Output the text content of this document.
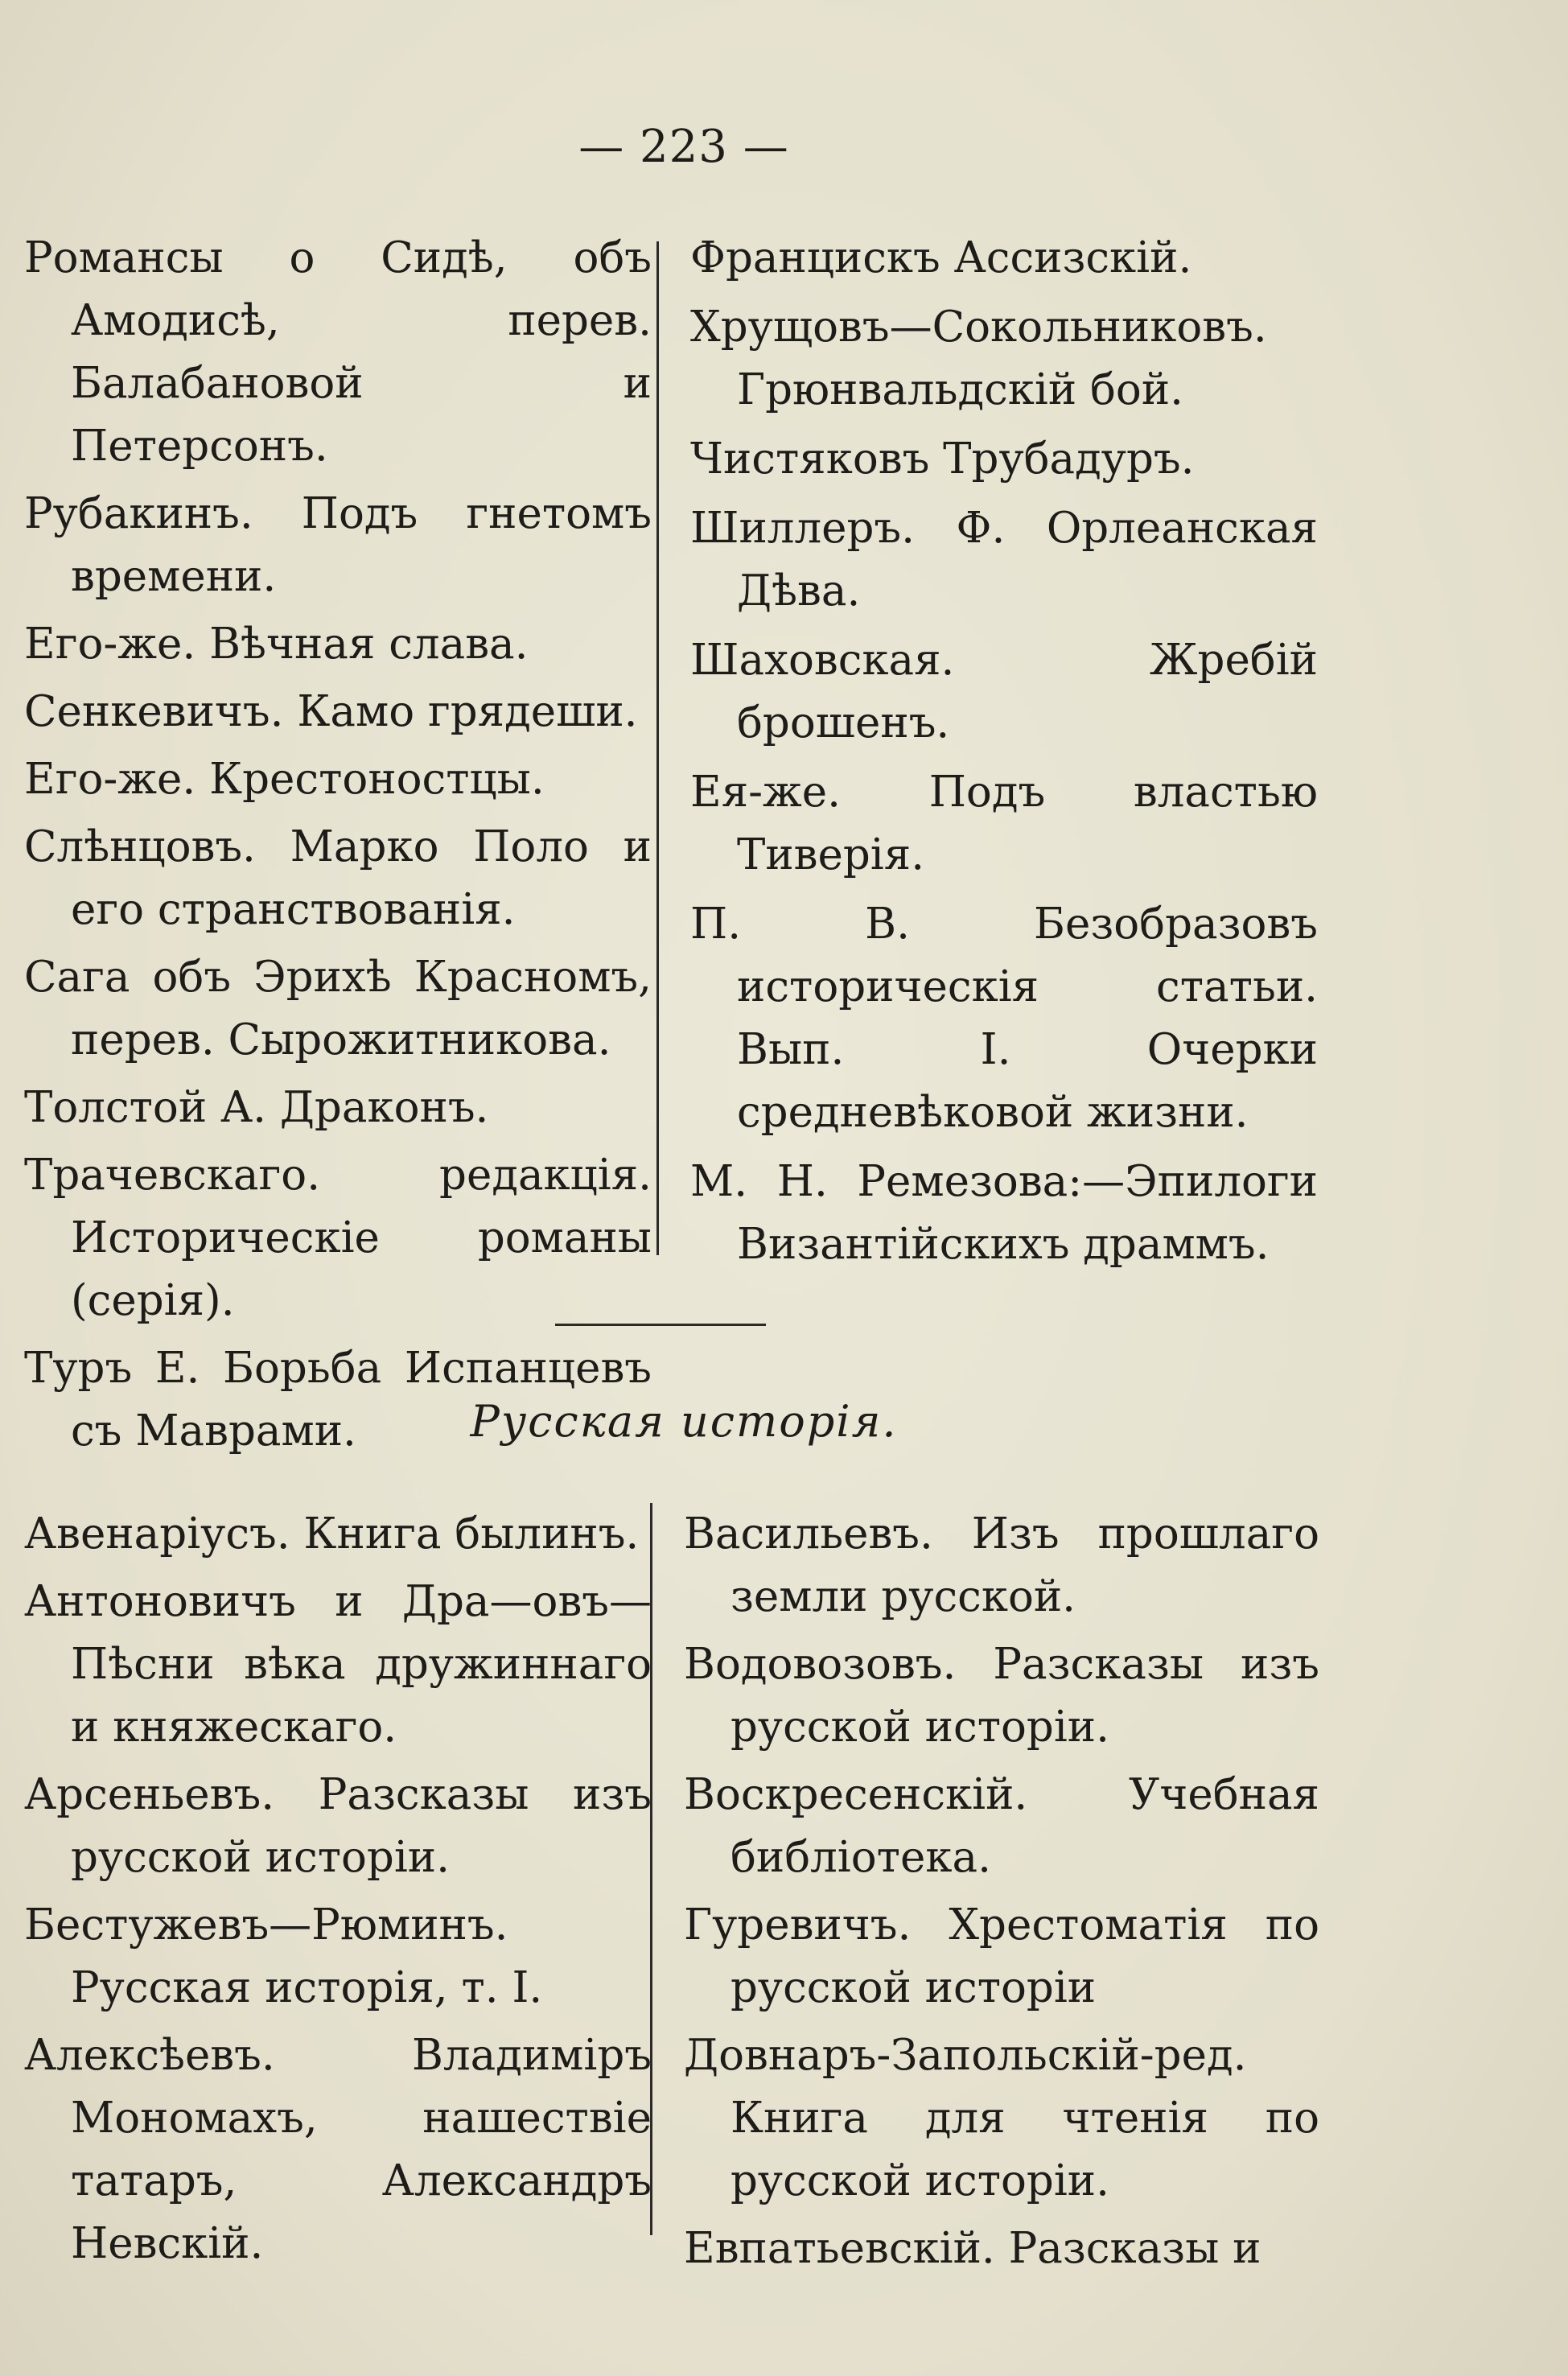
— 223 —

Романсы о Сидѣ, объ Амодисѣ, перев. Балабановой и Петерсонъ.

Рубакинъ. Подъ гнетомъ времени.

Его-же. Вѣчная слава.

Сенкевичъ. Камо грядеши.

Его-же. Крестоностцы.

Слѣнцовъ. Марко Поло и его странствованія.

Сага объ Эрихѣ Красномъ, перев. Сырожитникова.

Толстой А. Драконъ.

Трачевскаго. редакція. Историческіе романы (серія).

Туръ Е. Борьба Испанцевъ съ Маврами.

Францискъ Ассизскій.

Хрущовъ—Сокольниковъ. Грюнвальдскій бой.

Чистяковъ Трубадуръ.

Шиллеръ. Ф. Орлеанская Дѣва.

Шаховская. Жребій брошенъ.

Ея-же. Подъ властью Тиверія.

П. В. Безобразовъ историческія статьи. Вып. I. Очерки средневѣковой жизни.

М. Н. Ремезова:—Эпилоги Византійскихъ драммъ.

Русская исторія.

Авенаріусъ. Книга былинъ.

Антоновичъ и Дра—овъ— Пѣсни вѣка дружиннаго и княжескаго.

Арсеньевъ. Разсказы изъ русской исторіи.

Бестужевъ—Рюминъ. Русская исторія, т. I.

Алексѣевъ. Владиміръ Мономахъ, нашествіе татаръ, Александръ Невскій.

Васильевъ. Изъ прошлаго земли русской.

Водовозовъ. Разсказы изъ русской исторіи.

Воскресенскій. Учебная библіотека.

Гуревичъ. Хрестоматія по русской исторіи

Довнаръ-Запольскій-ред. Книга для чтенія по русской исторіи.

Евпатьевскій. Разсказы и
